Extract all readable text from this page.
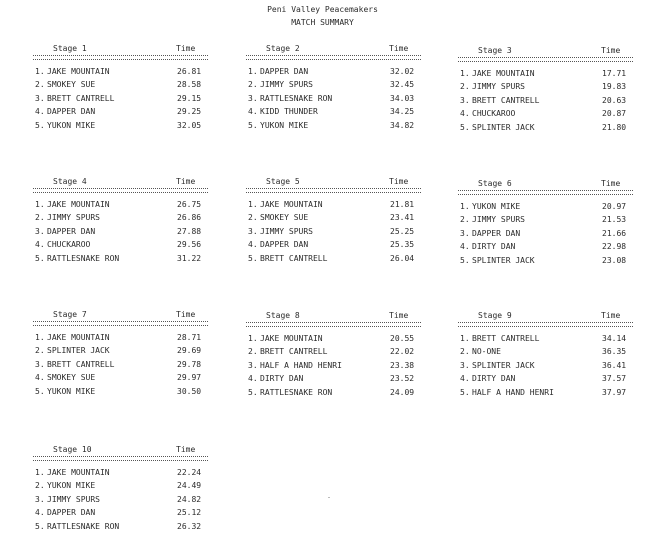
Peni Valley Peacemakers
MATCH SUMMARY
Stage 1	Time
1. JAKE MOUNTAIN	26.81
2. SMOKEY SUE	28.58
3. BRETT CANTRELL	29.15
4. DAPPER DAN	29.25
5. YUKON MIKE	32.05
Stage 2	Time
1. DAPPER DAN	32.02
2. JIMMY SPURS	32.45
3. RATTLESNAKE RON	34.03
4. KIDD THUNDER	34.25
5. YUKON MIKE	34.82
Stage 3	Time
1. JAKE MOUNTAIN	17.71
2. JIMMY SPURS	19.83
3. BRETT CANTRELL	20.63
4. CHUCKAROO	20.87
5. SPLINTER JACK	21.80
Stage 4	Time
1. JAKE MOUNTAIN	26.75
2. JIMMY SPURS	26.86
3. DAPPER DAN	27.88
4. CHUCKAROO	29.56
5. RATTLESNAKE RON	31.22
Stage 5	Time
1. JAKE MOUNTAIN	21.81
2. SMOKEY SUE	23.41
3. JIMMY SPURS	25.25
4. DAPPER DAN	25.35
5. BRETT CANTRELL	26.04
Stage 6	Time
1. YUKON MIKE	20.97
2. JIMMY SPURS	21.53
3. DAPPER DAN	21.66
4. DIRTY DAN	22.98
5. SPLINTER JACK	23.08
Stage 7	Time
1. JAKE MOUNTAIN	28.71
2. SPLINTER JACK	29.69
3. BRETT CANTRELL	29.78
4. SMOKEY SUE	29.97
5. YUKON MIKE	30.50
Stage 8	Time
1. JAKE MOUNTAIN	20.55
2. BRETT CANTRELL	22.02
3. HALF A HAND HENRI	23.38
4. DIRTY DAN	23.52
5. RATTLESNAKE RON	24.09
Stage 9	Time
1. BRETT CANTRELL	34.14
2. NO-ONE	36.35
3. SPLINTER JACK	36.41
4. DIRTY DAN	37.57
5. HALF A HAND HENRI	37.97
Stage 10	Time
1. JAKE MOUNTAIN	22.24
2. YUKON MIKE	24.49
3. JIMMY SPURS	24.82
4. DAPPER DAN	25.12
5. RATTLESNAKE RON	26.32
